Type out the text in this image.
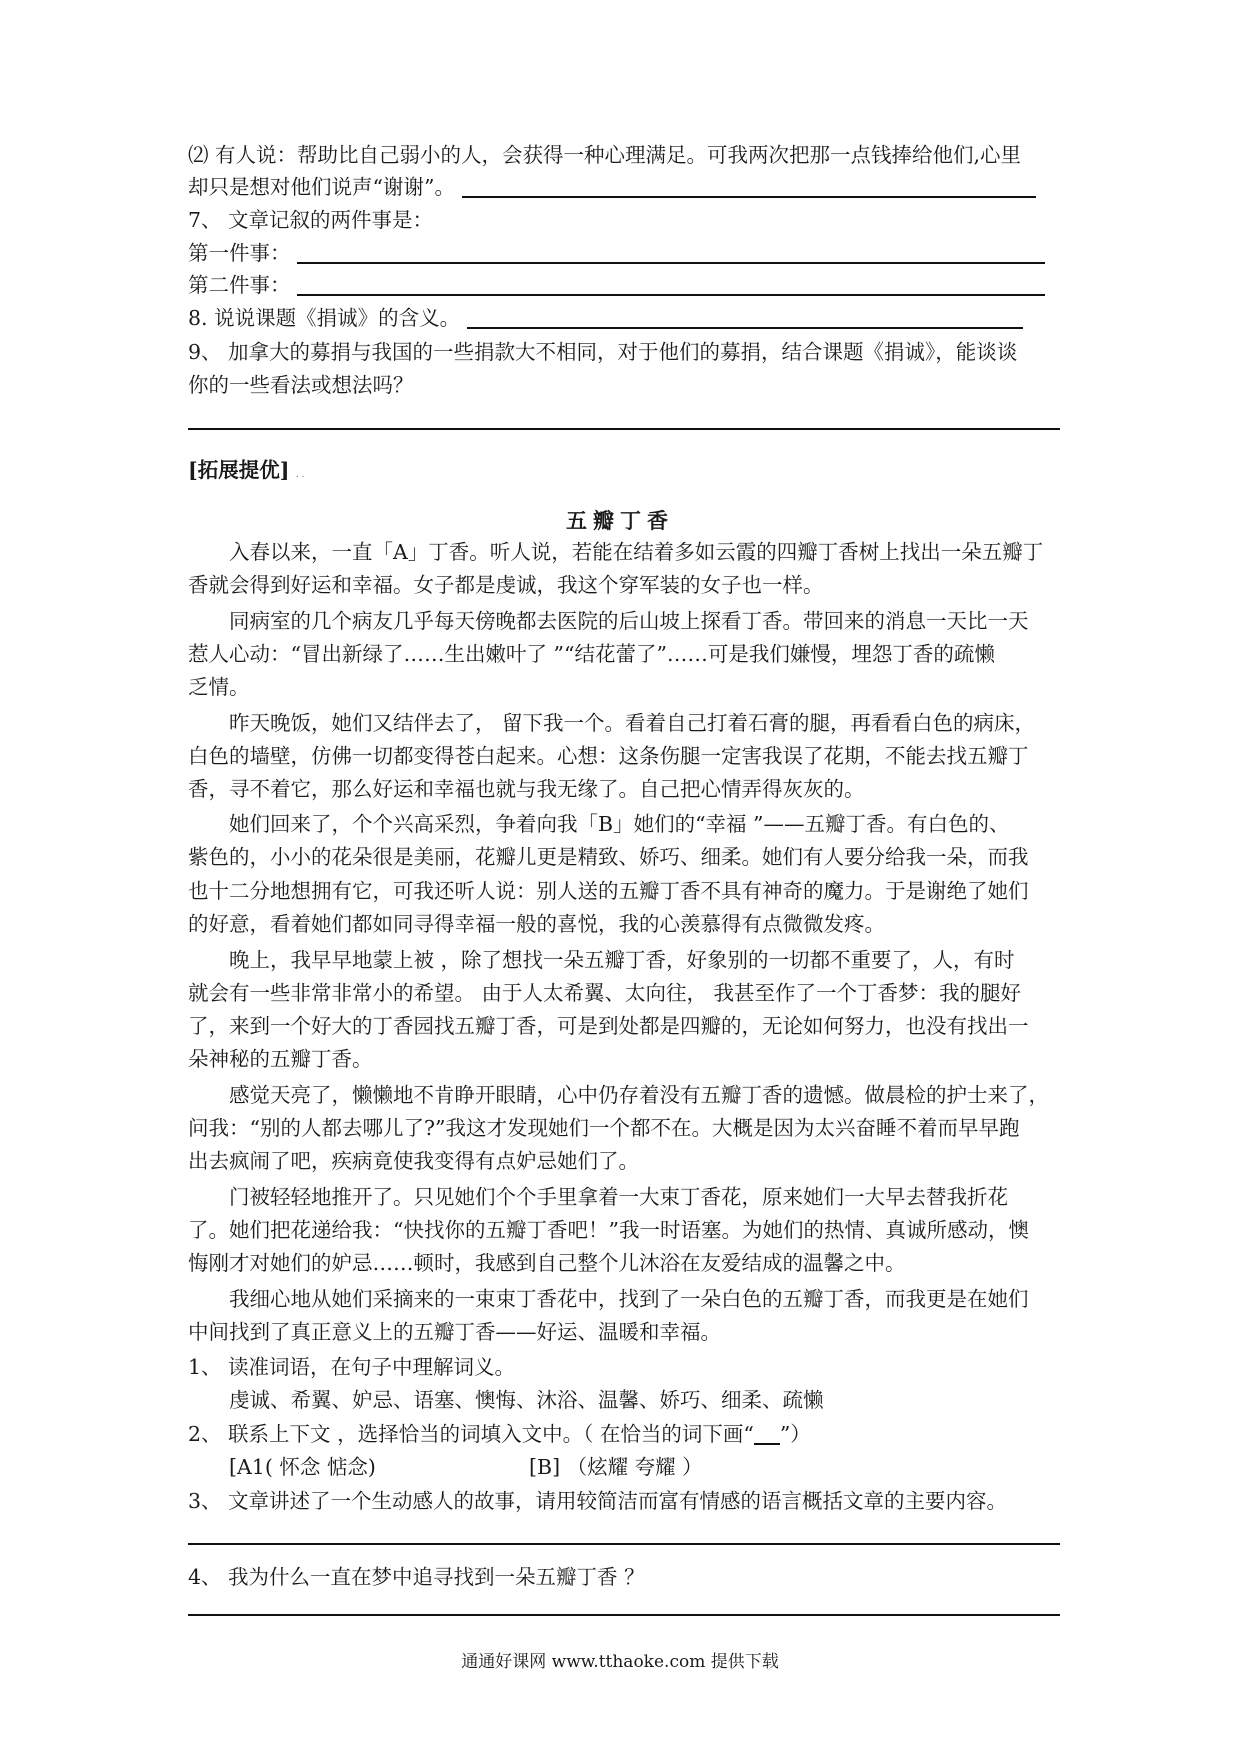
⑵ 有人说：帮助比自己弱小的人，会获得一种心理满足。可我两次把那一点钱捧给他们,心里
却只是想对他们说声“谢谢”。
7、 文章记叙的两件事是：
第一件事：
第二件事：
8. 说说课题《捐诚》的含义。
9、 加拿大的募捐与我国的一些捐款大不相同，对于他们的募捐，结合课题《捐诚》，能谈谈
你的一些看法或想法吗？
[拓展提优] . .
五瓣丁香
入春以来，一直「A」丁香。听人说，若能在结着多如云霞的四瓣丁香树上找出一朵五瓣丁
香就会得到好运和幸福。女子都是虔诚，我这个穿军装的女子也一样。
同病室的几个病友几乎每天傍晚都去医院的后山坡上探看丁香。带回来的消息一天比一天
惹人心动：“冒出新绿了……生出嫩叶了 ”“结花蕾了”……可是我们嫌慢，埋怨丁香的疏懒
乏情。
昨天晚饭，她们又结伴去了， 留下我一个。看着自己打着石膏的腿，再看看白色的病床，
白色的墙壁，仿佛一切都变得苍白起来。心想：这条伤腿一定害我误了花期，不能去找五瓣丁
香，寻不着它，那么好运和幸福也就与我无缘了。自己把心情弄得灰灰的。
她们回来了，个个兴高采烈，争着向我「B」她们的“幸福 ”——五瓣丁香。有白色的、
紫色的，小小的花朵很是美丽，花瓣儿更是精致、娇巧、细柔。她们有人要分给我一朵，而我
也十二分地想拥有它，可我还听人说：别人送的五瓣丁香不具有神奇的魔力。于是谢绝了她们
的好意，看着她们都如同寻得幸福一般的喜悦，我的心羡慕得有点微微发疼。
晚上，我早早地蒙上被 ，除了想找一朵五瓣丁香，好象别的一切都不重要了，人，有时
就会有一些非常非常小的希望。 由于人太希翼、太向往， 我甚至作了一个丁香梦：我的腿好
了，来到一个好大的丁香园找五瓣丁香，可是到处都是四瓣的，无论如何努力，也没有找出一
朵神秘的五瓣丁香。
感觉天亮了，懒懒地不肯睁开眼睛，心中仍存着没有五瓣丁香的遗憾。做晨检的护士来了，
问我：“别的人都去哪儿了?”我这才发现她们一个都不在。大概是因为太兴奋睡不着而早早跑
出去疯闹了吧，疾病竟使我变得有点妒忌她们了。
门被轻轻地推开了。只见她们个个手里拿着一大束丁香花，原来她们一大早去替我折花
了。她们把花递给我：“快找你的五瓣丁香吧！”我一时语塞。为她们的热情、真诚所感动，懊
悔刚才对她们的妒忌……顿时，我感到自己整个儿沐浴在友爱结成的温馨之中。
我细心地从她们采摘来的一束束丁香花中，找到了一朵白色的五瓣丁香，而我更是在她们
中间找到了真正意义上的五瓣丁香——好运、温暖和幸福。
1、 读准词语，在句子中理解词义。
虔诚、希翼、妒忌、语塞、懊悔、沐浴、温馨、娇巧、细柔、疏懒
2、 联系上下文 ，选择恰当的词填入文中。（ 在恰当的词下画“ ”）
[A1( 怀念 惦念)	[B] （炫耀 夸耀 ）
3、 文章讲述了一个生动感人的故事，请用较简洁而富有情感的语言概括文章的主要内容。
4、 我为什么一直在梦中追寻找到一朵五瓣丁香 ？
通通好课网 www.tthaoke.com 提供下载
